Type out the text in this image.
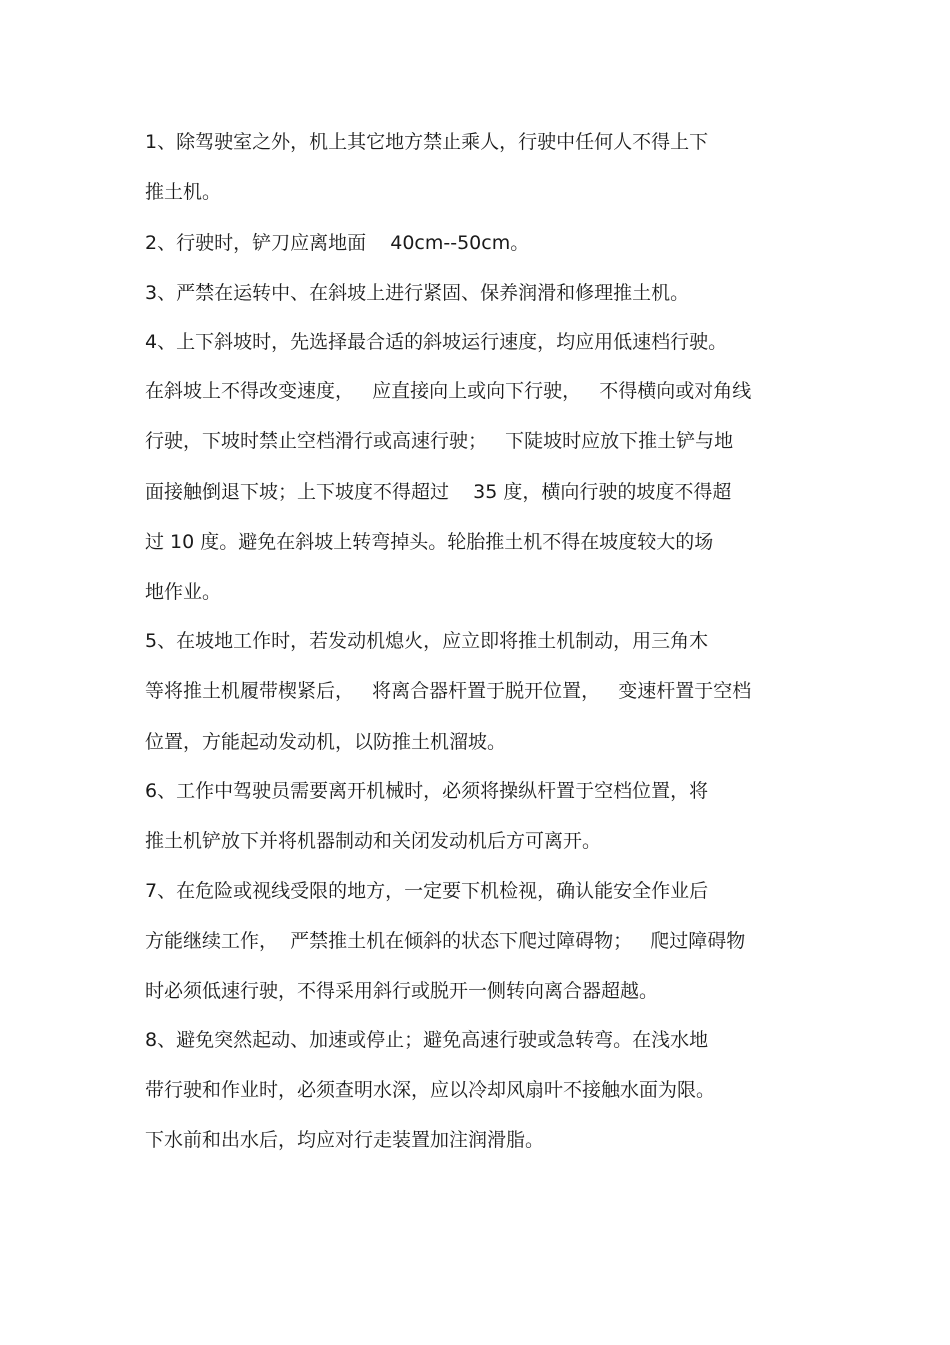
1、除驾驶室之外，机上其它地方禁止乘人，行驶中任何人不得上下
推土机。
2、行驶时，铲刀应离地面    40cm--50cm。
3、严禁在运转中、在斜坡上进行紧固、保养润滑和修理推土机。
4、上下斜坡时，先选择最合适的斜坡运行速度，均应用低速档行驶。
在斜坡上不得改变速度，   应直接向上或向下行驶，   不得横向或对角线
行驶，下坡时禁止空档滑行或高速行驶；   下陡坡时应放下推土铲与地
面接触倒退下坡；上下坡度不得超过    35 度，横向行驶的坡度不得超
过 10 度。避免在斜坡上转弯掉头。轮胎推土机不得在坡度较大的场
地作业。
5、在坡地工作时，若发动机熄火，应立即将推土机制动，用三角木
等将推土机履带楔紧后，   将离合器杆置于脱开位置，   变速杆置于空档
位置，方能起动发动机，以防推土机溜坡。
6、工作中驾驶员需要离开机械时，必须将操纵杆置于空档位置，将
推土机铲放下并将机器制动和关闭发动机后方可离开。
7、在危险或视线受限的地方，一定要下机检视，确认能安全作业后
方能继续工作，  严禁推土机在倾斜的状态下爬过障碍物；   爬过障碍物
时必须低速行驶，不得采用斜行或脱开一侧转向离合器超越。
8、避免突然起动、加速或停止；避免高速行驶或急转弯。在浅水地
带行驶和作业时，必须查明水深，应以冷却风扇叶不接触水面为限。
下水前和出水后，均应对行走装置加注润滑脂。
